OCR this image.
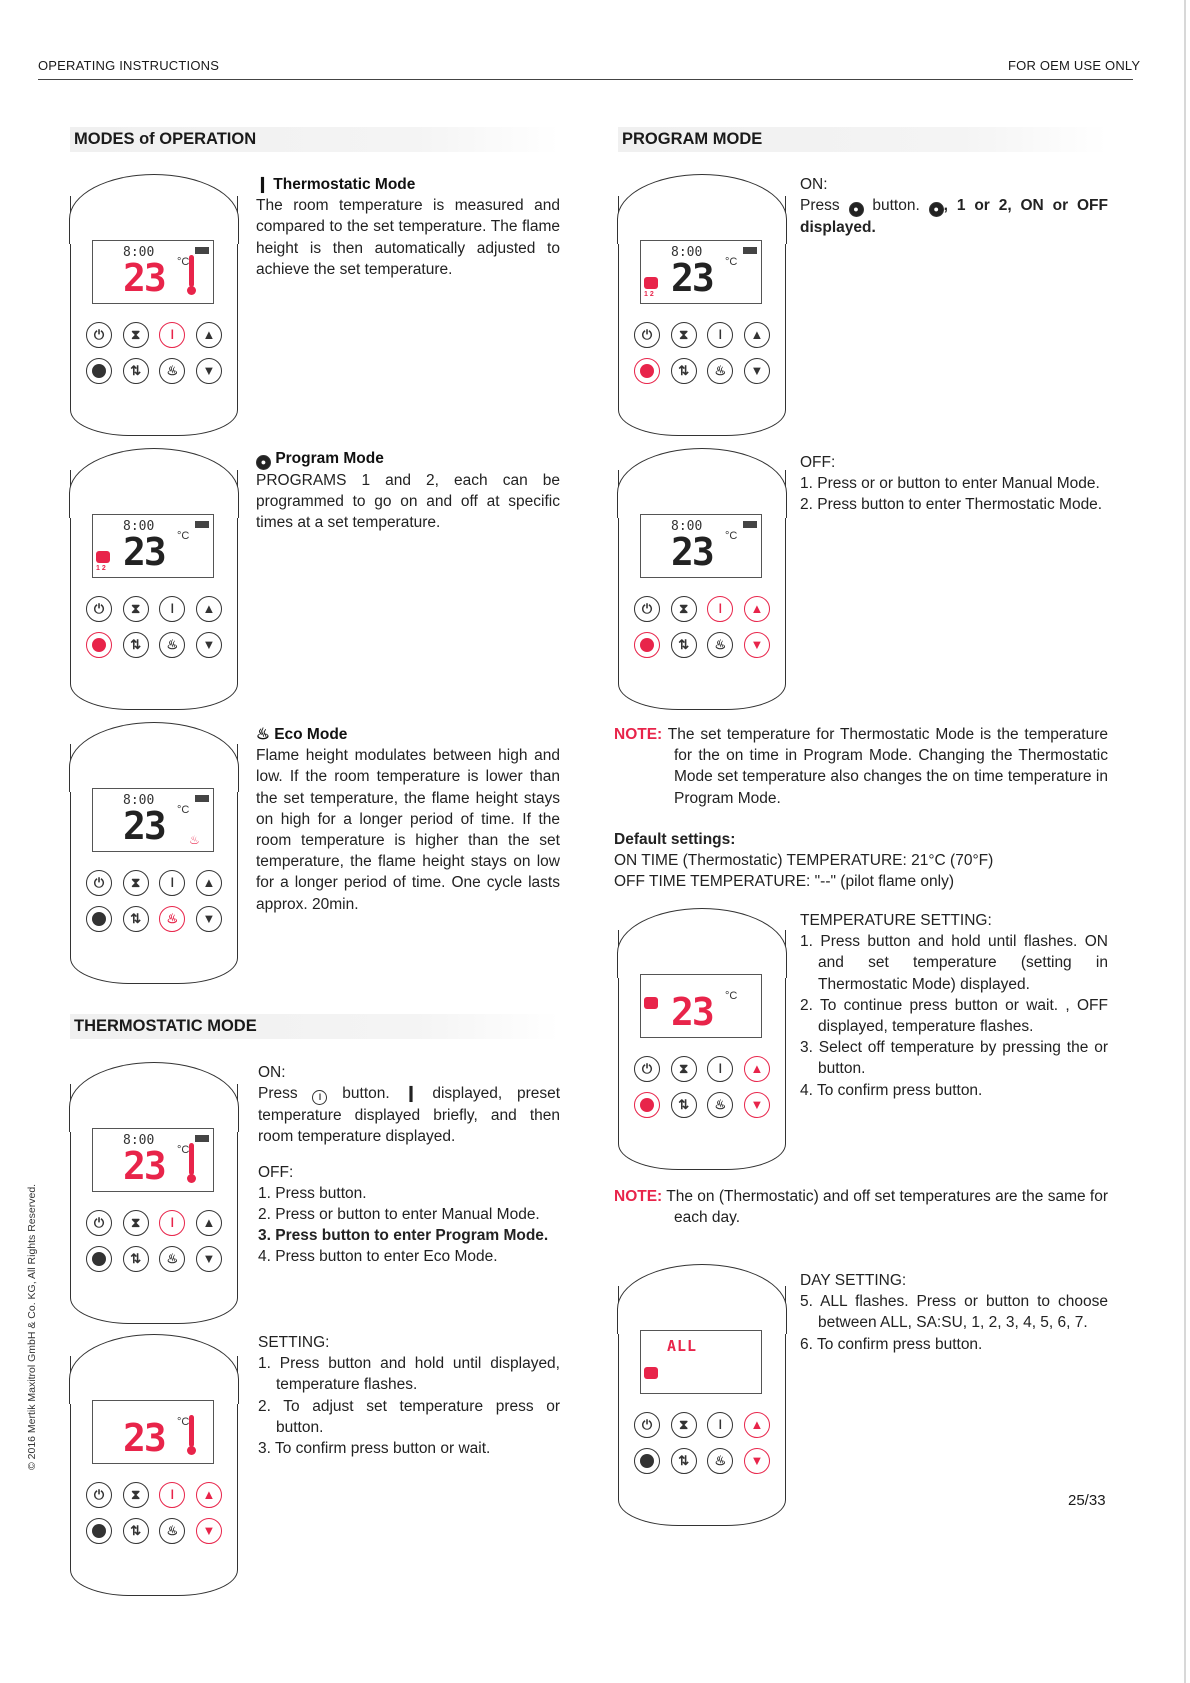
OPERATING INSTRUCTIONS	FOR OEM USE ONLY
MODES of OPERATION	PROGRAM MODE
THERMOSTATIC MODE
8:00
23 °C
⏻	⧗	ǀ	▲
⇅	♨	▼
8:00
1 2 23 °C
⏻	⧗	ǀ	▲
⇅	♨	▼
8:00
23 °C
♨
⏻	⧗	ǀ	▲
⇅	♨	▼
8:00
23 °C
⏻	⧗	ǀ	▲
⇅	♨	▼
23 °C
⏻	⧗	ǀ	▲
⇅	♨	▼
8:00
1 2 23 °C
⏻	⧗	ǀ	▲
⇅	♨	▼
8:00
23 °C
⏻	⧗	ǀ	▲
⇅	♨	▼
23 °C
⏻	⧗	ǀ	▲
⇅	♨	▼
ALL
⏻	⧗	ǀ	▲
⇅	♨	▼
❙ Thermostatic Mode

The room temperature is measured and compared to the set temperature. The flame height is then automatically adjusted to achieve the set temperature.

● Program Mode

PROGRAMS 1 and 2, each can be programmed to go on and off at specific times at a set temperature.

♨ Eco Mode

Flame height modulates between high and low. If the room temperature is lower than the set temperature, the flame height stays on high for a longer period of time. If the room temperature is higher than the set temperature, the flame height stays on low for a longer period of time. One cycle lasts approx. 20min.

ON:

Press ǀ button. ❙ displayed, preset temperature displayed briefly, and then room temperature displayed.

OFF:

1. Press button.
2. Press or button to enter Manual Mode.
3. Press button to enter Program Mode.
4. Press button to enter Eco Mode.

SETTING:

1. Press button and hold until displayed, temperature flashes.
2. To adjust set temperature press or button.
3. To confirm press button or wait.

ON:

Press ● button. ● , 1 or 2, ON or OFF displayed.

OFF:

1. Press or or button to enter Manual Mode.
2. Press button to enter Thermostatic Mode.

NOTE: The set temperature for Thermostatic Mode is the temperature for the on time in Program Mode. Changing the Thermostatic Mode set temperature also changes the on time temperature in Program Mode.

Default settings:

ON TIME (Thermostatic) TEMPERATURE: 21°C (70°F)

OFF TIME TEMPERATURE: "--" (pilot flame only)

TEMPERATURE SETTING:

1. Press button and hold until flashes. ON and set temperature (setting in Thermostatic Mode) displayed.
2. To continue press button or wait. , OFF displayed, temperature flashes.
3. Select off temperature by pressing the or button.
4. To confirm press button.

NOTE: The on (Thermostatic) and off set temperatures are the same for each day.

DAY SETTING:

5. ALL flashes. Press or button to choose between ALL, SA:SU, 1, 2, 3, 4, 5, 6, 7.
6. To confirm press button.
25/33
© 2016 Mertik Maxitrol GmbH & Co. KG, All Rights Reserved.
